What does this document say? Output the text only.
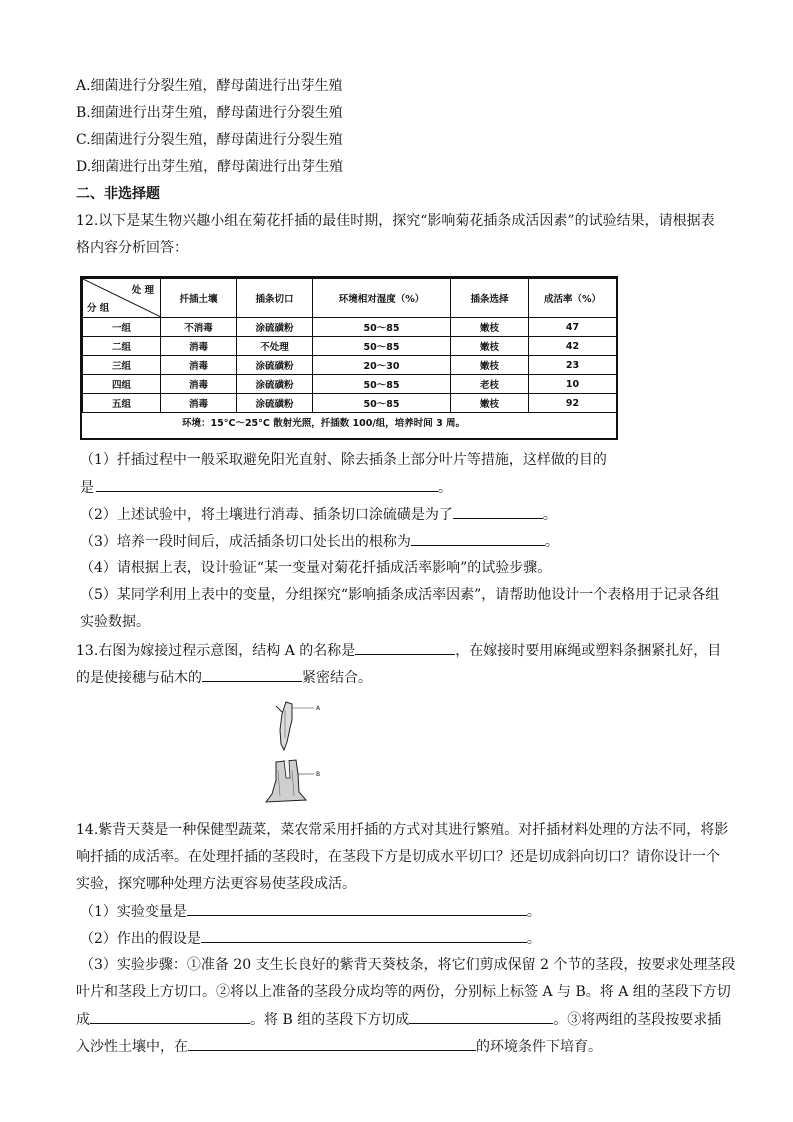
A.细菌进行分裂生殖，酵母菌进行出芽生殖
B.细菌进行出芽生殖，酵母菌进行分裂生殖
C.细菌进行分裂生殖，酵母菌进行分裂生殖
D.细菌进行出芽生殖，酵母菌进行出芽生殖
二、非选择题
12.以下是某生物兴趣小组在菊花扦插的最佳时期，探究“影响菊花插条成活因素”的试验结果，请根据表
格内容分析回答：
处 理
分 组	扦插土壤	插条切口	环境相对湿度（%）	插条选择	成活率（%）
一组	不消毒	涂硫磺粉	50～85	嫩枝	47
二组	消毒	不处理	50～85	嫩枝	42
三组	消毒	涂硫磺粉	20～30	嫩枝	23
四组	消毒	涂硫磺粉	50～85	老枝	10
五组	消毒	涂硫磺粉	50～85	嫩枝	92
环境：15°C～25°C 散射光照，扦插数 100/组，培养时间 3 周。
（1）扦插过程中一般采取避免阳光直射、除去插条上部分叶片等措施，这样做的目的
是	。
（2）上述试验中，将土壤进行消毒、插条切口涂硫磺是为了	。
（3）培养一段时间后，成活插条切口处长出的根称为	。
（4）请根据上表，设计验证“某一变量对菊花扦插成活率影响”的试验步骤。
（5）某同学利用上表中的变量，分组探究“影响插条成活率因素”，请帮助他设计一个表格用于记录各组
实验数据。
13.右图为嫁接过程示意图，结构 A 的名称是	，在嫁接时要用麻绳或塑料条捆紧扎好，目
的是使接穗与砧木的	紧密结合。
A
B
14.紫背天葵是一种保健型蔬菜，菜农常采用扦插的方式对其进行繁殖。对扦插材料处理的方法不同，将影
响扦插的成活率。在处理扦插的茎段时，在茎段下方是切成水平切口？还是切成斜向切口？请你设计一个
实验，探究哪种处理方法更容易使茎段成活。
（1）实验变量是	。
（2）作出的假设是	。
（3）实验步骤：①准备 20 支生长良好的紫背天葵枝条，将它们剪成保留 2 个节的茎段，按要求处理茎段
叶片和茎段上方切口。②将以上准备的茎段分成均等的两份，分别标上标签 A 与 B。将 A 组的茎段下方切
成	。将 B 组的茎段下方切成	。③将两组的茎段按要求插
入沙性土壤中，在	的环境条件下培育。
